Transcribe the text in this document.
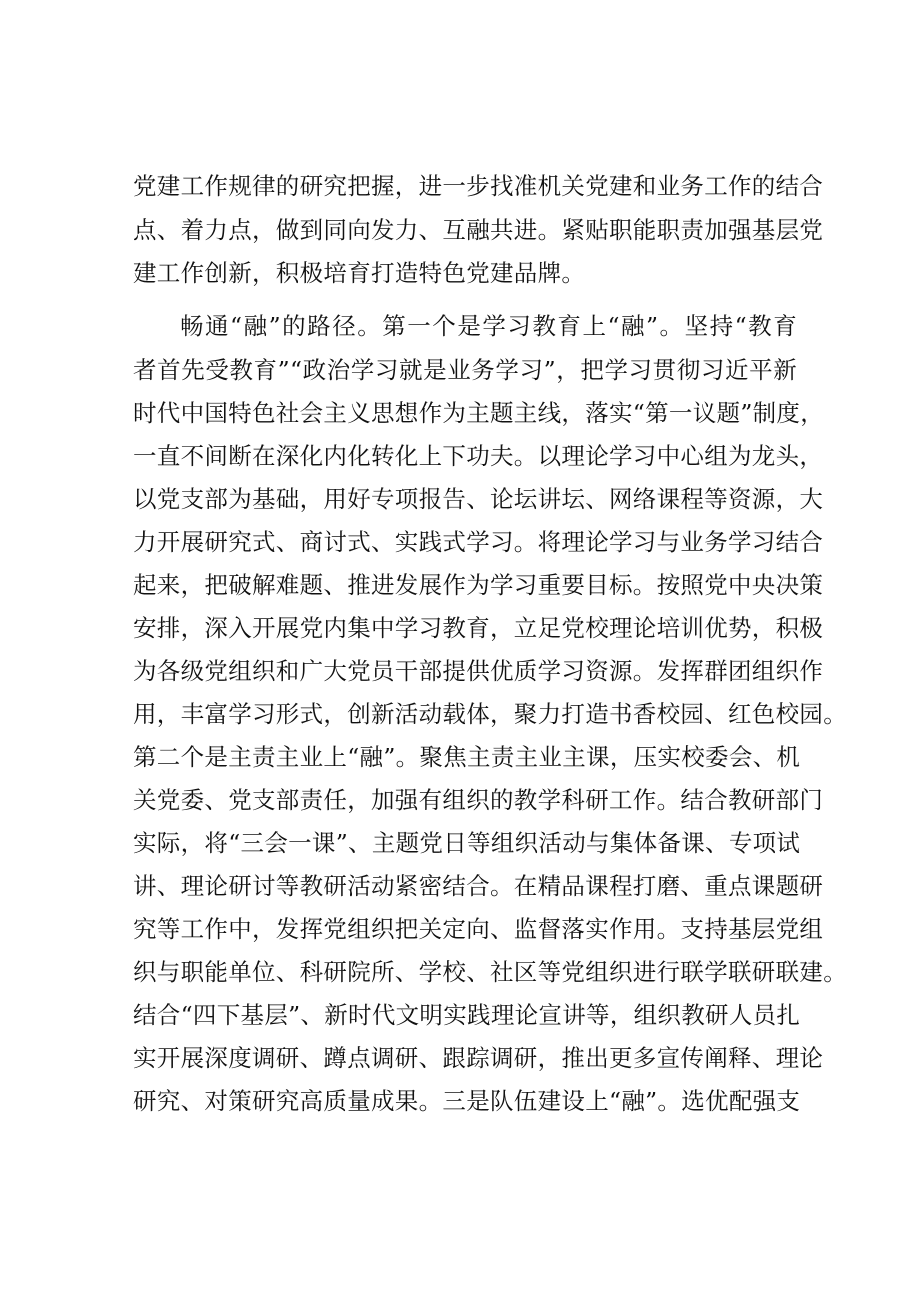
党建工作规律的研究把握，进一步找准机关党建和业务工作的结合
点、着力点，做到同向发力、互融共进。紧贴职能职责加强基层党
建工作创新，积极培育打造特色党建品牌。
畅通“融”的路径。第一个是学习教育上“融”。坚持“教育
者首先受教育”“政治学习就是业务学习”，把学习贯彻习近平新
时代中国特色社会主义思想作为主题主线，落实“第一议题”制度，
一直不间断在深化内化转化上下功夫。以理论学习中心组为龙头，
以党支部为基础，用好专项报告、论坛讲坛、网络课程等资源，大
力开展研究式、商讨式、实践式学习。将理论学习与业务学习结合
起来，把破解难题、推进发展作为学习重要目标。按照党中央决策
安排，深入开展党内集中学习教育，立足党校理论培训优势，积极
为各级党组织和广大党员干部提供优质学习资源。发挥群团组织作
用，丰富学习形式，创新活动载体，聚力打造书香校园、红色校园。
第二个是主责主业上“融”。聚焦主责主业主课，压实校委会、机
关党委、党支部责任，加强有组织的教学科研工作。结合教研部门
实际，将“三会一课”、主题党日等组织活动与集体备课、专项试
讲、理论研讨等教研活动紧密结合。在精品课程打磨、重点课题研
究等工作中，发挥党组织把关定向、监督落实作用。支持基层党组
织与职能单位、科研院所、学校、社区等党组织进行联学联研联建。
结合“四下基层”、新时代文明实践理论宣讲等，组织教研人员扎
实开展深度调研、蹲点调研、跟踪调研，推出更多宣传阐释、理论
研究、对策研究高质量成果。三是队伍建设上“融”。选优配强支
